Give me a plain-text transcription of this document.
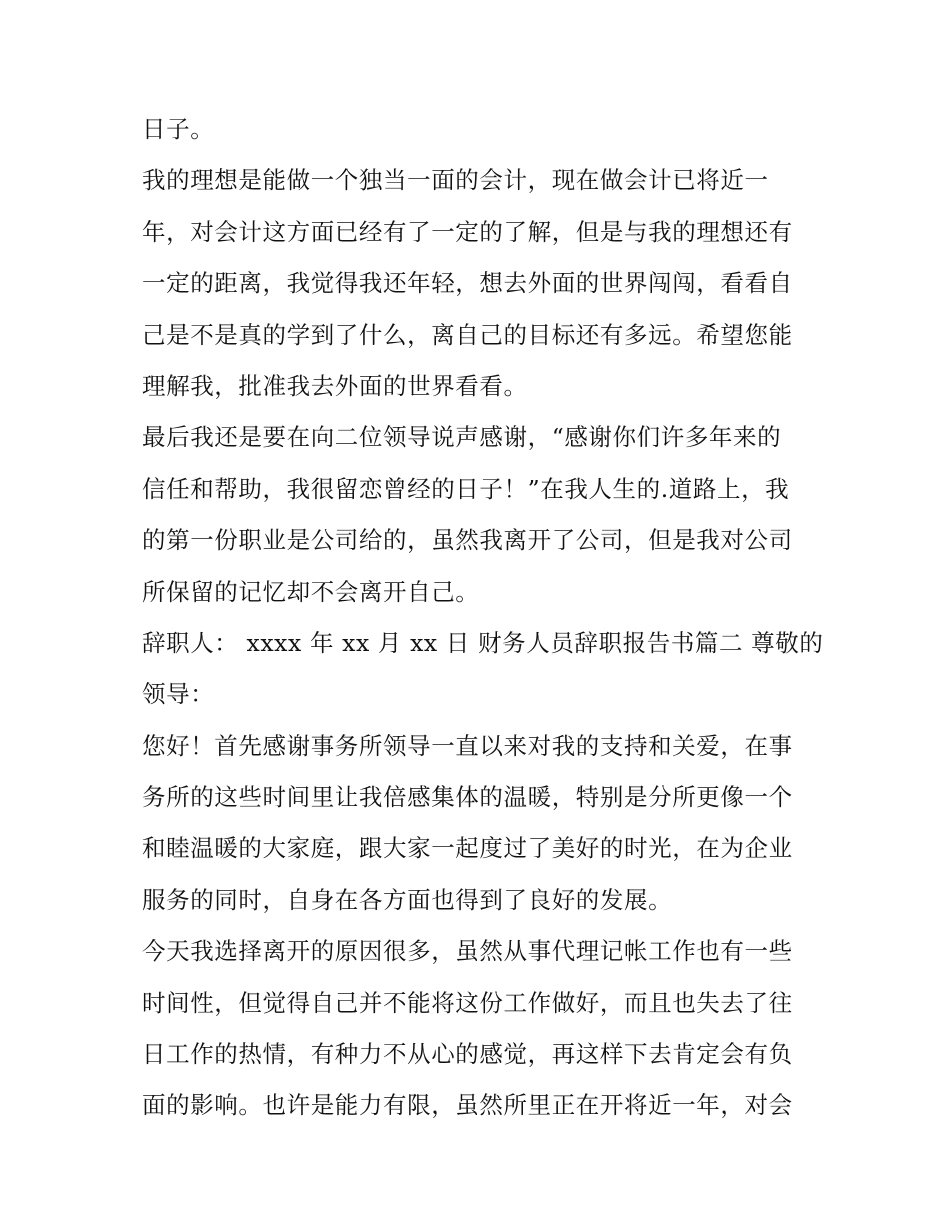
日子。
我的理想是能做一个独当一面的会计，现在做会计已将近一
年，对会计这方面已经有了一定的了解，但是与我的理想还有
一定的距离，我觉得我还年轻，想去外面的世界闯闯，看看自
己是不是真的学到了什么，离自己的目标还有多远。希望您能
理解我，批准我去外面的世界看看。
最后我还是要在向二位领导说声感谢，“感谢你们许多年来的
信任和帮助，我很留恋曾经的日子！”在我人生的.道路上，我
的第一份职业是公司给的，虽然我离开了公司，但是我对公司
所保留的记忆却不会离开自己。
辞职人： xxxx 年 xx 月 xx 日 财务人员辞职报告书篇二 尊敬的
领导：
您好！首先感谢事务所领导一直以来对我的支持和关爱，在事
务所的这些时间里让我倍感集体的温暖，特别是分所更像一个
和睦温暖的大家庭，跟大家一起度过了美好的时光，在为企业
服务的同时，自身在各方面也得到了良好的发展。
今天我选择离开的原因很多，虽然从事代理记帐工作也有一些
时间性，但觉得自己并不能将这份工作做好，而且也失去了往
日工作的热情，有种力不从心的感觉，再这样下去肯定会有负
面的影响。也许是能力有限，虽然所里正在开将近一年，对会
